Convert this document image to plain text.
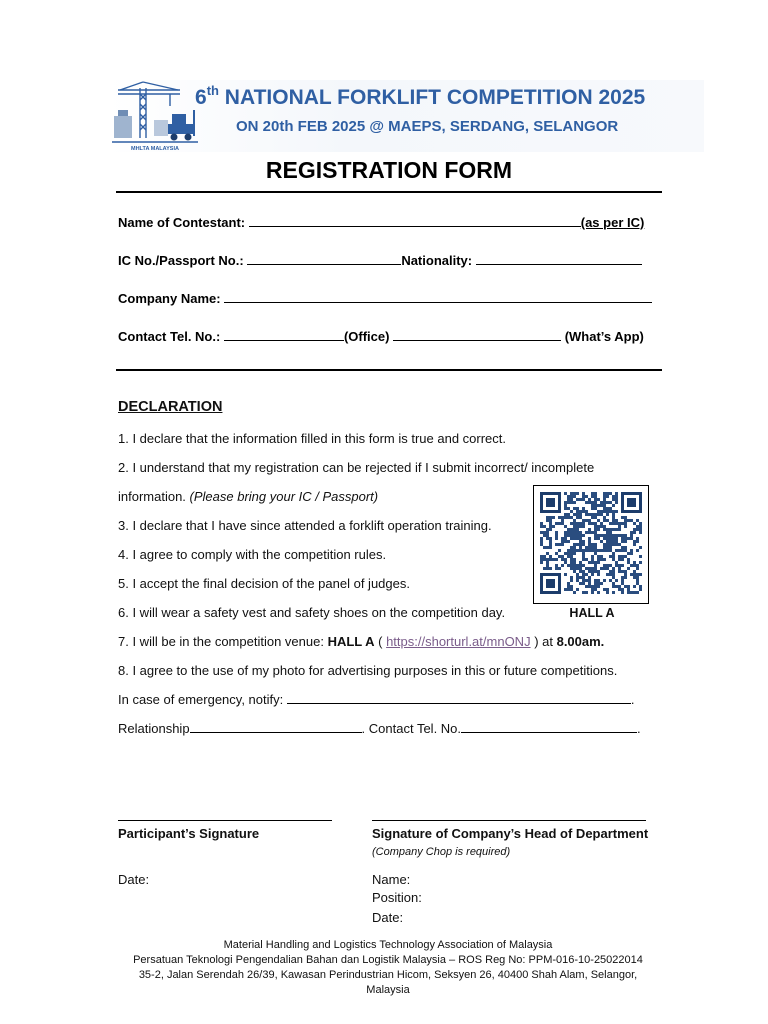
MHLTA MALAYSIA
6th NATIONAL FORKLIFT COMPETITION 2025
ON 20th FEB 2025 @ MAEPS, SERDANG, SELANGOR
REGISTRATION FORM
Name of Contestant:	(as per IC)
IC No./Passport No.:	Nationality:
Company Name:
Contact Tel. No.:	(Office)	(What’s App)
DECLARATION
1. I declare that the information filled in this form is true and correct.
2. I understand that my registration can be rejected if I submit incorrect/ incomplete
information. (Please bring your IC / Passport)
3. I declare that I have since attended a forklift operation training.
4. I agree to comply with the competition rules.
5. I accept the final decision of the panel of judges.
6. I will wear a safety vest and safety shoes on the competition day.
7. I will be in the competition venue: HALL A ( https://shorturl.at/mnONJ ) at 8.00am.
8. I agree to the use of my photo for advertising purposes in this or future competitions.
In case of emergency, notify:	.
Relationship	. Contact Tel. No.	.
HALL A
Participant’s Signature	Signature of Company’s Head of Department
(Company Chop is required)
Date:	Name:
Position:
Date:
Material Handling and Logistics Technology Association of Malaysia
Persatuan Teknologi Pengendalian Bahan dan Logistik Malaysia – ROS Reg No: PPM-016-10-25022014
35-2, Jalan Serendah 26/39, Kawasan Perindustrian Hicom, Seksyen 26, 40400 Shah Alam, Selangor,
Malaysia
